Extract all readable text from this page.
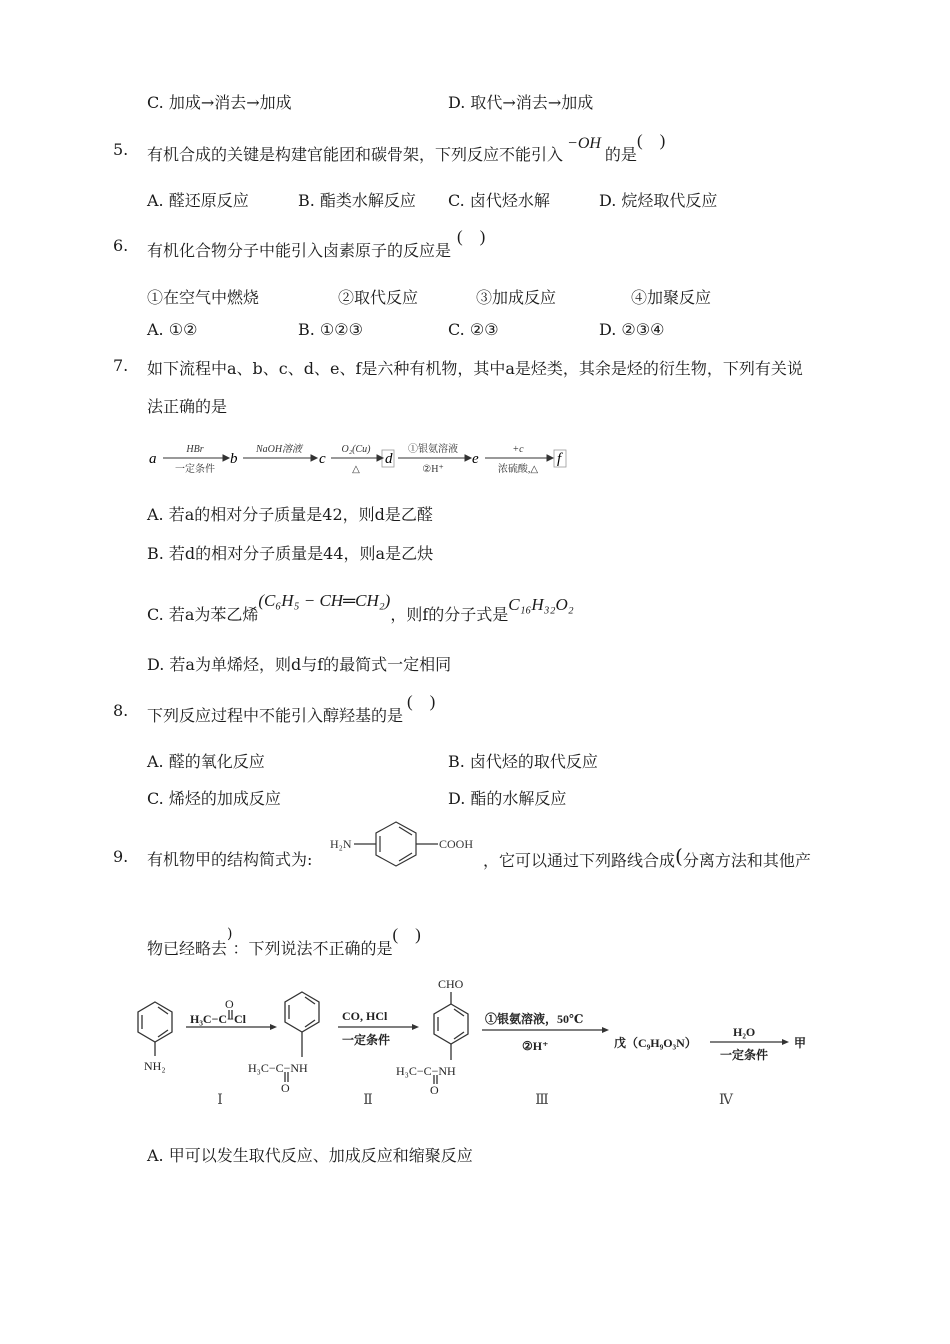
C. 加成→消去→加成	D. 取代→消去→加成
5. 有机合成的关键是构建官能团和碳骨架，下列反应不能引入−OH的是(　)
A. 醛还原反应	B. 酯类水解反应 C. 卤代烃水解	D. 烷烃取代反应
6. 有机化合物分子中能引入卤素原子的反应是(　)
①在空气中燃烧	②取代反应	③加成反应	④加聚反应
A. ①②	B. ①②③	C. ②③	D. ②③④
7. 如下流程中a、b、c、d、e、f是六种有机物，其中a是烃类，其余是烃的衍生物，下列有关说
法正确的是
a	b	c	d	e	f
HBr
一定条件
NaOH溶液	O₂(Cu)
△
①银氨溶液
②H⁺
+c
浓硫酸,△
A. 若a的相对分子质量是42，则d是乙醛
B. 若d的相对分子质量是44，则a是乙炔
C. 若a为苯乙烯(C₆H₅ − CH═CH₂)，则f的分子式是C₁₆H₃₂O₂
D. 若a为单烯烃，则d与f的最简式一定相同
8. 下列反应过程中不能引入醇羟基的是(　)
A. 醛的氧化反应	B. 卤代烃的取代反应
C. 烯烃的加成反应	D. 酯的水解反应
9. 有机物甲的结构简式为:
H₂N	COOH
，它可以通过下列路线合成(分离方法和其他产
物已经略去)：下列说法不正确的是(　)
NH₂
O
H₃C−C−Cl
H₃C−C−NH
O
CO, HCl
一定条件
CHO
H₃C−C−NH
O
①银氨溶液，50℃
②H⁺	戊（C₉H₉O₃N）
H₂O
一定条件
甲
Ⅰ	Ⅱ	Ⅲ	Ⅳ
A. 甲可以发生取代反应、加成反应和缩聚反应
